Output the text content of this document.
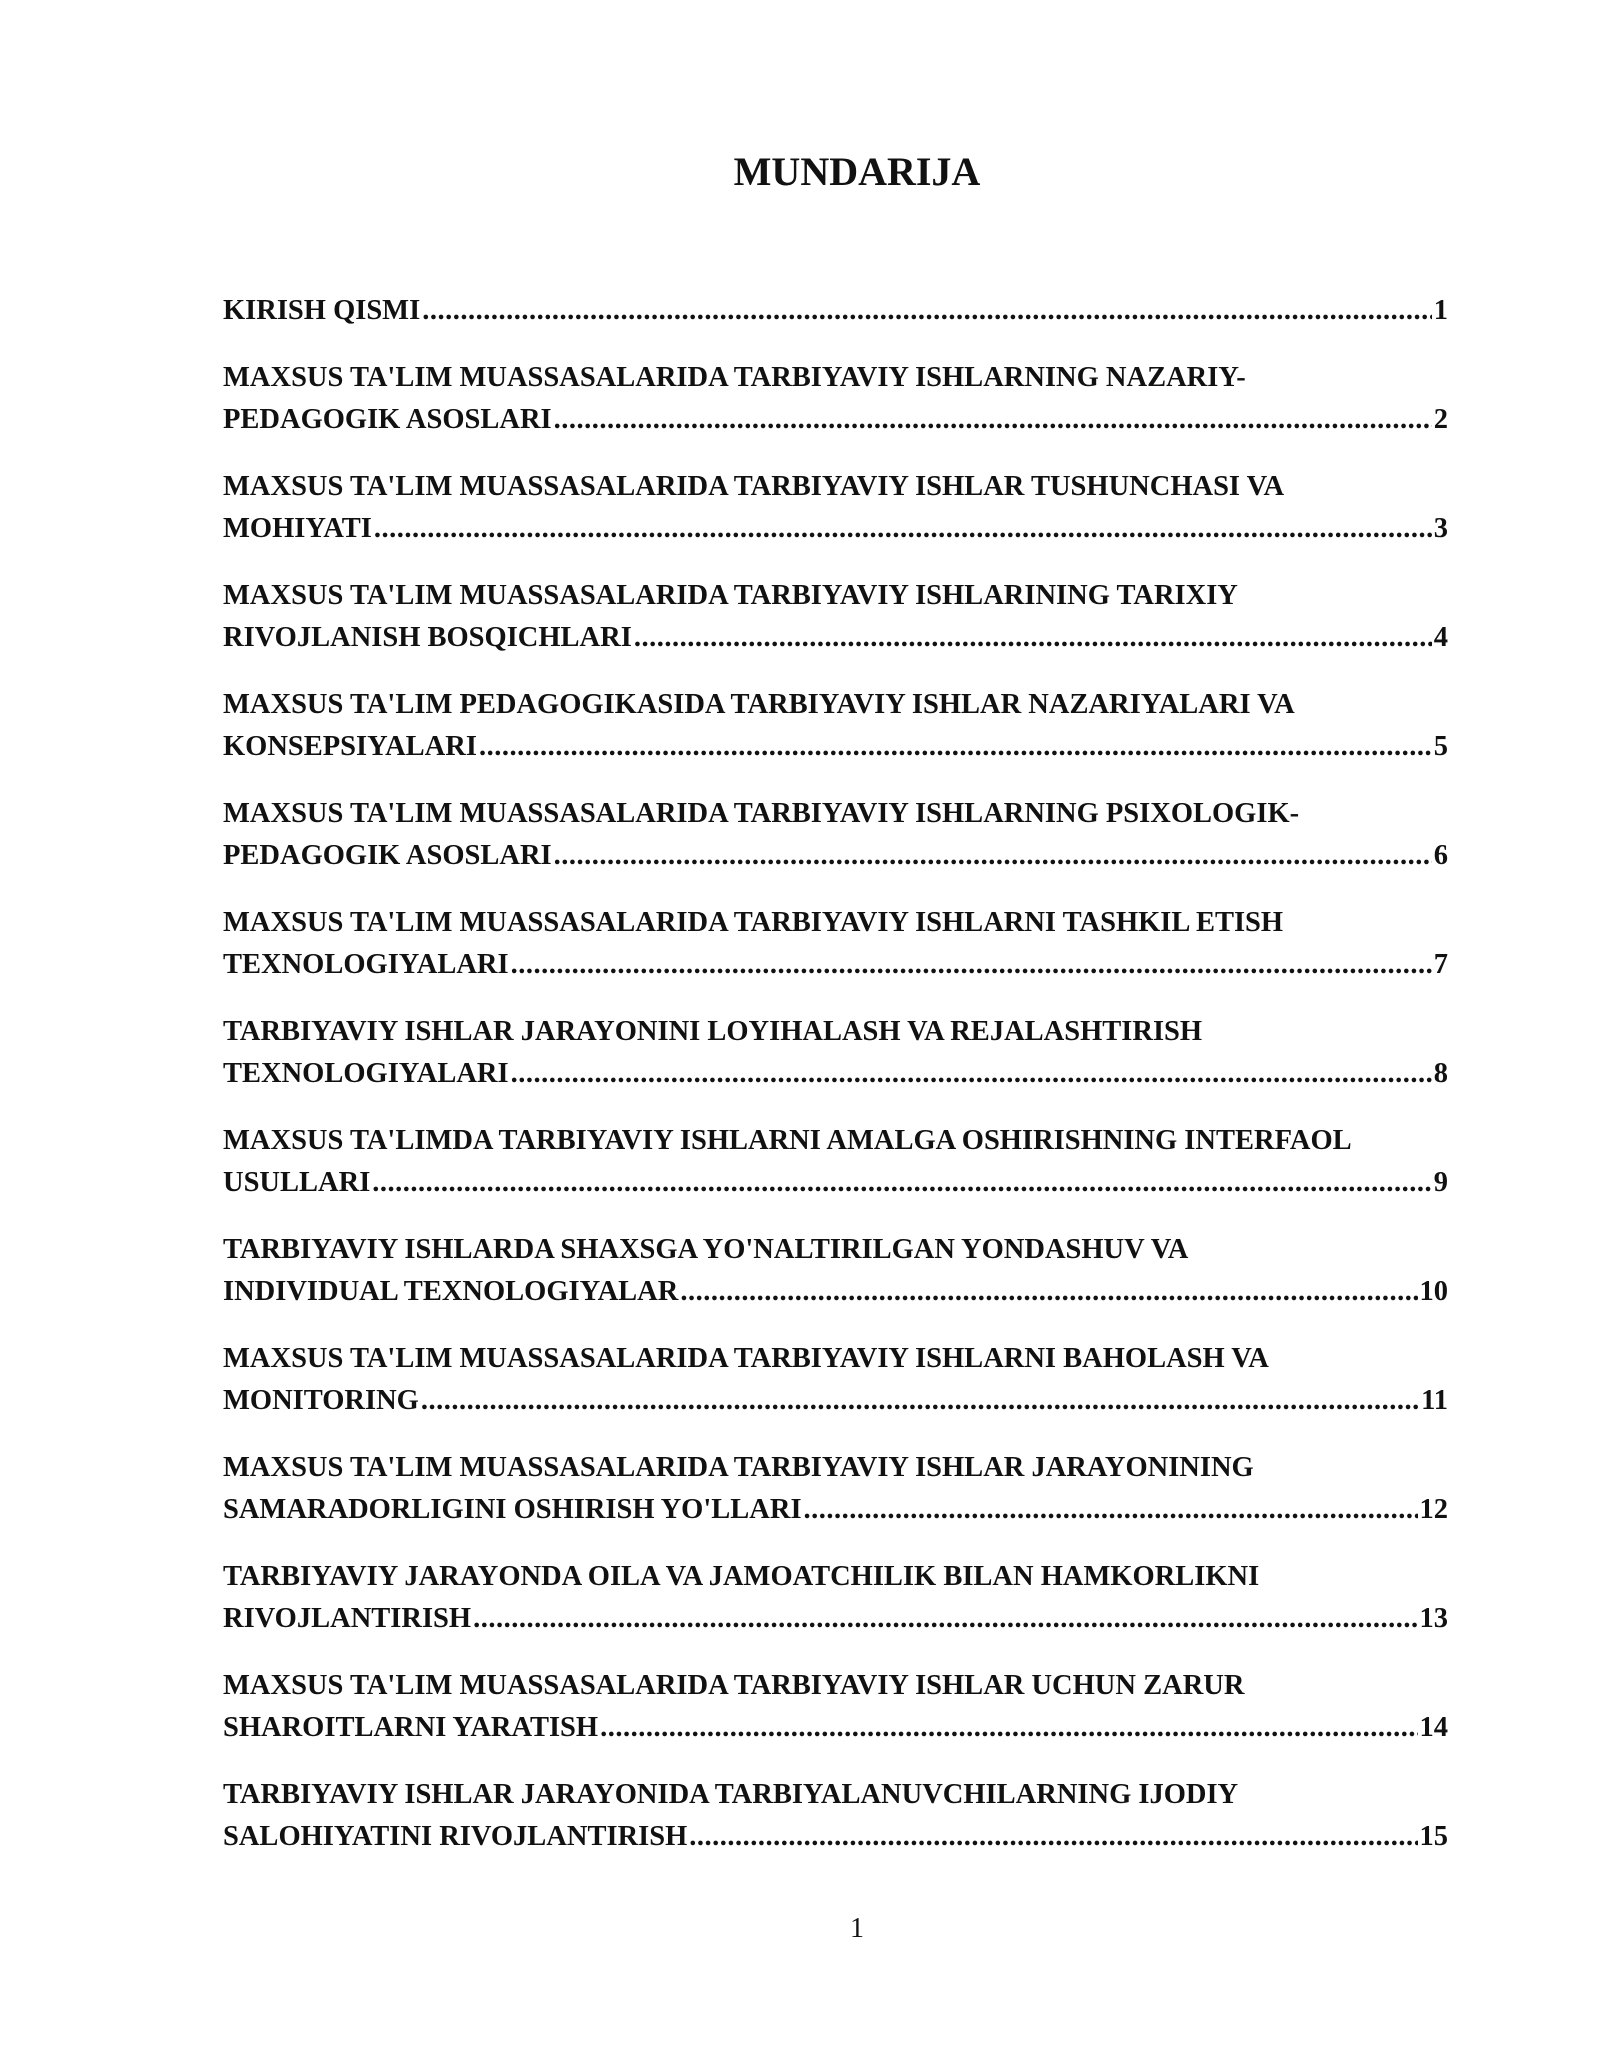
MUNDARIJA
KIRISH QISMI .....	1
MAXSUS TA'LIM MUASSASALARIDA TARBIYAVIY ISHLARNING NAZARIY-
PEDAGOGIK ASOSLARI .....	2
MAXSUS TA'LIM MUASSASALARIDA TARBIYAVIY ISHLAR TUSHUNCHASI VA
MOHIYATI .....	3
MAXSUS TA'LIM MUASSASALARIDA TARBIYAVIY ISHLARINING TARIXIY
RIVOJLANISH BOSQICHLARI .....	4
MAXSUS TA'LIM PEDAGOGIKASIDA TARBIYAVIY ISHLAR NAZARIYALARI VA
KONSEPSIYALARI .....	5
MAXSUS TA'LIM MUASSASALARIDA TARBIYAVIY ISHLARNING PSIXOLOGIK-
PEDAGOGIK ASOSLARI .....	6
MAXSUS TA'LIM MUASSASALARIDA TARBIYAVIY ISHLARNI TASHKIL ETISH
TEXNOLOGIYALARI .....	7
TARBIYAVIY ISHLAR JARAYONINI LOYIHALASH VA REJALASHTIRISH
TEXNOLOGIYALARI .....	8
MAXSUS TA'LIMDA TARBIYAVIY ISHLARNI AMALGA OSHIRISHNING INTERFAOL
USULLARI .....	9
TARBIYAVIY ISHLARDA SHAXSGA YO'NALTIRILGAN YONDASHUV VA
INDIVIDUAL TEXNOLOGIYALAR .....	10
MAXSUS TA'LIM MUASSASALARIDA TARBIYAVIY ISHLARNI BAHOLASH VA
MONITORING .....	11
MAXSUS TA'LIM MUASSASALARIDA TARBIYAVIY ISHLAR JARAYONINING
SAMARADORLIGINI OSHIRISH YO'LLARI .....	12
TARBIYAVIY JARAYONDA OILA VA JAMOATCHILIK BILAN HAMKORLIKNI
RIVOJLANTIRISH .....	13
MAXSUS TA'LIM MUASSASALARIDA TARBIYAVIY ISHLAR UCHUN ZARUR
SHAROITLARNI YARATISH .....	14
TARBIYAVIY ISHLAR JARAYONIDA TARBIYALANUVCHILARNING IJODIY
SALOHIYATINI RIVOJLANTIRISH .....	15
1
